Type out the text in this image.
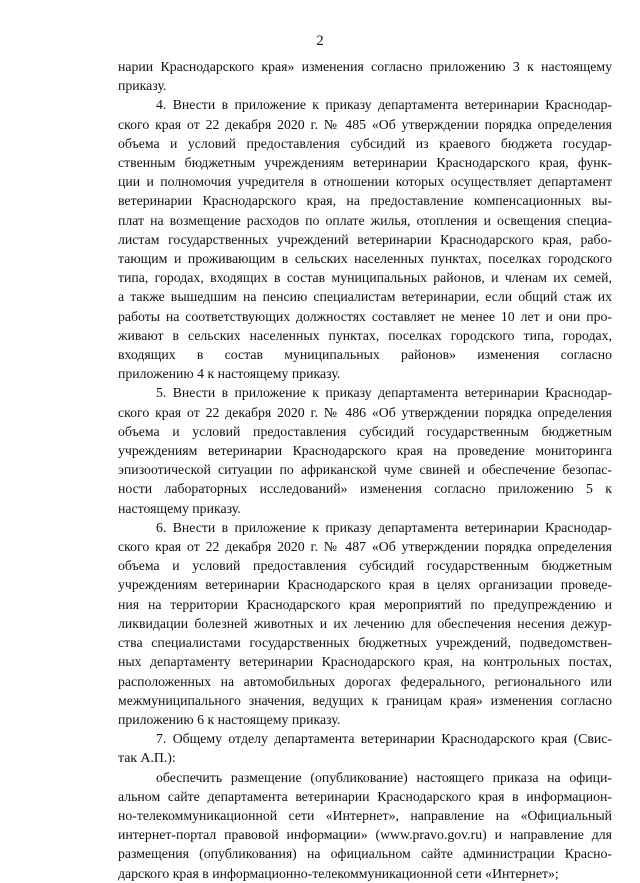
2
нарии Краснодарского края» изменения согласно приложению 3 к настоящему
приказу.
4. Внести в приложение к приказу департамента ветеринарии Краснодар-
ского края от 22 декабря 2020 г. № 485 «Об утверждении порядка определения
объема и условий предоставления субсидий из краевого бюджета государ-
ственным бюджетным учреждениям ветеринарии Краснодарского края, функ-
ции и полномочия учредителя в отношении которых осуществляет департамент
ветеринарии Краснодарского края, на предоставление компенсационных вы-
плат на возмещение расходов по оплате жилья, отопления и освещения специа-
листам государственных учреждений ветеринарии Краснодарского края, рабо-
тающим и проживающим в сельских населенных пунктах, поселках городского
типа, городах, входящих в состав муниципальных районов, и членам их семей,
а также вышедшим на пенсию специалистам ветеринарии, если общий стаж их
работы на соответствующих должностях составляет не менее 10 лет и они про-
живают в сельских населенных пунктах, поселках городского типа, городах,
входящих в состав муниципальных районов» изменения согласно
приложению 4 к настоящему приказу.
5. Внести в приложение к приказу департамента ветеринарии Краснодар-
ского края от 22 декабря 2020 г. № 486 «Об утверждении порядка определения
объема и условий предоставления субсидий государственным бюджетным
учреждениям ветеринарии Краснодарского края на проведение мониторинга
эпизоотической ситуации по африканской чуме свиней и обеспечение безопас-
ности лабораторных исследований» изменения согласно приложению 5 к
настоящему приказу.
6. Внести в приложение к приказу департамента ветеринарии Краснодар-
ского края от 22 декабря 2020 г. № 487 «Об утверждении порядка определения
объема и условий предоставления субсидий государственным бюджетным
учреждениям ветеринарии Краснодарского края в целях организации проведе-
ния на территории Краснодарского края мероприятий по предупреждению и
ликвидации болезней животных и их лечению для обеспечения несения дежур-
ства специалистами государственных бюджетных учреждений, подведомствен-
ных департаменту ветеринарии Краснодарского края, на контрольных постах,
расположенных на автомобильных дорогах федерального, регионального или
межмуниципального значения, ведущих к границам края» изменения согласно
приложению 6 к настоящему приказу.
7. Общему отделу департамента ветеринарии Краснодарского края (Свис-
так А.П.):
обеспечить размещение (опубликование) настоящего приказа на офици-
альном сайте департамента ветеринарии Краснодарского края в информацион-
но-телекоммуникационной сети «Интернет», направление на «Официальный
интернет-портал правовой информации» (www.pravo.gov.ru) и направление для
размещения (опубликования) на официальном сайте администрации Красно-
дарского края в информационно-телекоммуникационной сети «Интернет»;
